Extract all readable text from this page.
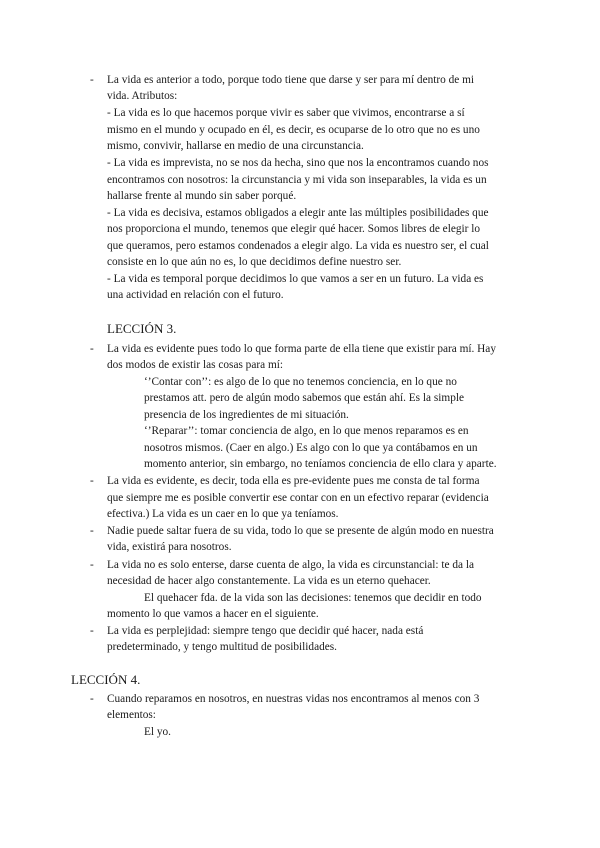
- La vida es anterior a todo, porque todo tiene que darse y ser para mí dentro de mi
vida. Atributos:
- La vida es lo que hacemos porque vivir es saber que vivimos, encontrarse a sí
mismo en el mundo y ocupado en él, es decir, es ocuparse de lo otro que no es uno
mismo, convivir, hallarse en medio de una circunstancia.
- La vida es imprevista, no se nos da hecha, sino que nos la encontramos cuando nos
encontramos con nosotros: la circunstancia y mi vida son inseparables, la vida es un
hallarse frente al mundo sin saber porqué.
- La vida es decisiva, estamos obligados a elegir ante las múltiples posibilidades que
nos proporciona el mundo, tenemos que elegir qué hacer. Somos libres de elegir lo
que queramos, pero estamos condenados a elegir algo. La vida es nuestro ser, el cual
consiste en lo que aún no es, lo que decidimos define nuestro ser.
- La vida es temporal porque decidimos lo que vamos a ser en un futuro. La vida es
una actividad en relación con el futuro.
LECCIÓN 3.
- La vida es evidente pues todo lo que forma parte de ella tiene que existir para mí. Hay
dos modos de existir las cosas para mí:
‘’Contar con’’: es algo de lo que no tenemos conciencia, en lo que no
prestamos att. pero de algún modo sabemos que están ahí. Es la simple
presencia de los ingredientes de mi situación.
‘’Reparar’’: tomar conciencia de algo, en lo que menos reparamos es en
nosotros mismos. (Caer en algo.) Es algo con lo que ya contábamos en un
momento anterior, sin embargo, no teníamos conciencia de ello clara y aparte.
- La vida es evidente, es decir, toda ella es pre-evidente pues me consta de tal forma
que siempre me es posible convertir ese contar con en un efectivo reparar (evidencia
efectiva.) La vida es un caer en lo que ya teníamos.
- Nadie puede saltar fuera de su vida, todo lo que se presente de algún modo en nuestra
vida, existirá para nosotros.
- La vida no es solo enterse, darse cuenta de algo, la vida es circunstancial: te da la
necesidad de hacer algo constantemente. La vida es un eterno quehacer.
El quehacer fda. de la vida son las decisiones: tenemos que decidir en todo
momento lo que vamos a hacer en el siguiente.
- La vida es perplejidad: siempre tengo que decidir qué hacer, nada está
predeterminado, y tengo multitud de posibilidades.
LECCIÓN 4.
- Cuando reparamos en nosotros, en nuestras vidas nos encontramos al menos con 3
elementos:
El yo.
